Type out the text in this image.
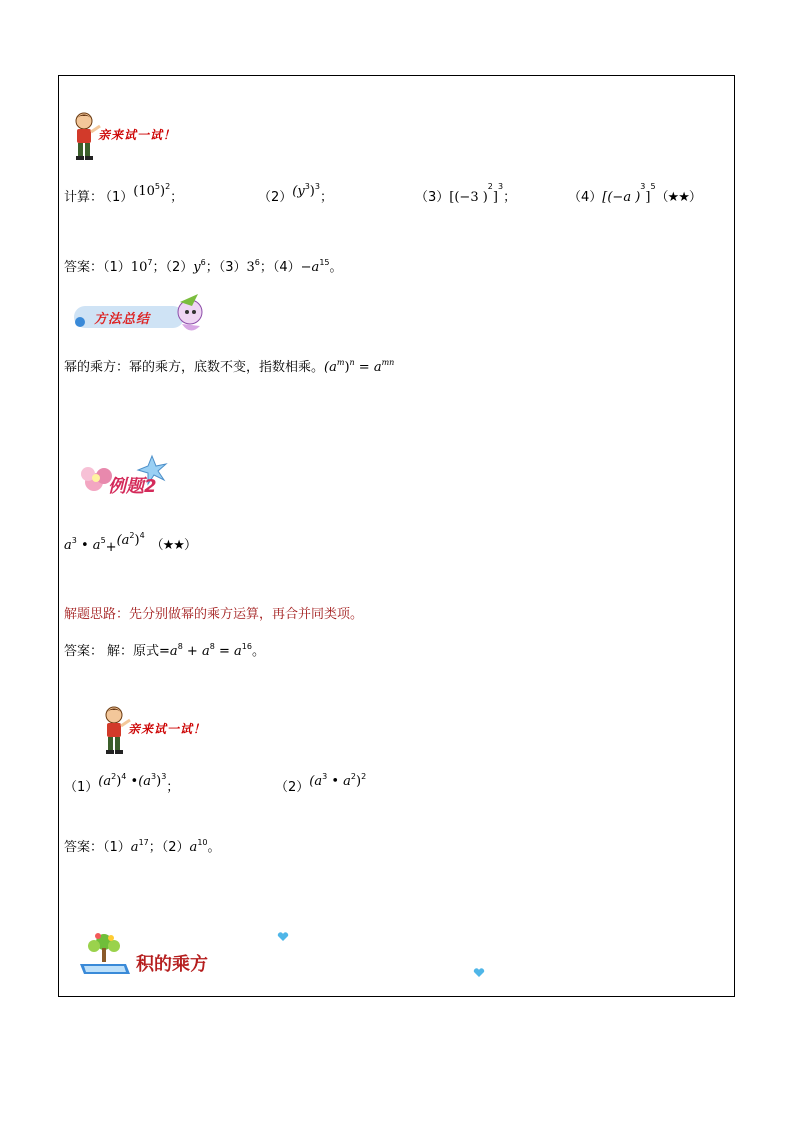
亲来试一试！
计算：
$(1)(10^5)^2$；	$(2)(y^3)^3$；	（3）[(−3 )$^2$]$^3$；	（4）[(−a )$^3$]$^5$（★★）
答案：$(1)10^7$；$(2)y^6$；$(3)3^6$；$(4)-a^{15}$。
方法总结
幂的乘方：幂的乘方，底数不变，指数相乘。$(a^m)^n = a^{mn}$
例题2
$a^3$ • $a^5+(a^2)^4(★★)$
解题思路：先分别做幂的乘方运算，再合并同类项。
答案： 解：原式$=a^8 + a^8 = a^{16}$。
亲来试一试！
$(1)(a^2)^4$ $•(a^3)^3$；	$(2)(a^3$ • $a^2)^2$
答案：$(1)a^{17}$；$(2)a^{10}$。
积的乘方
